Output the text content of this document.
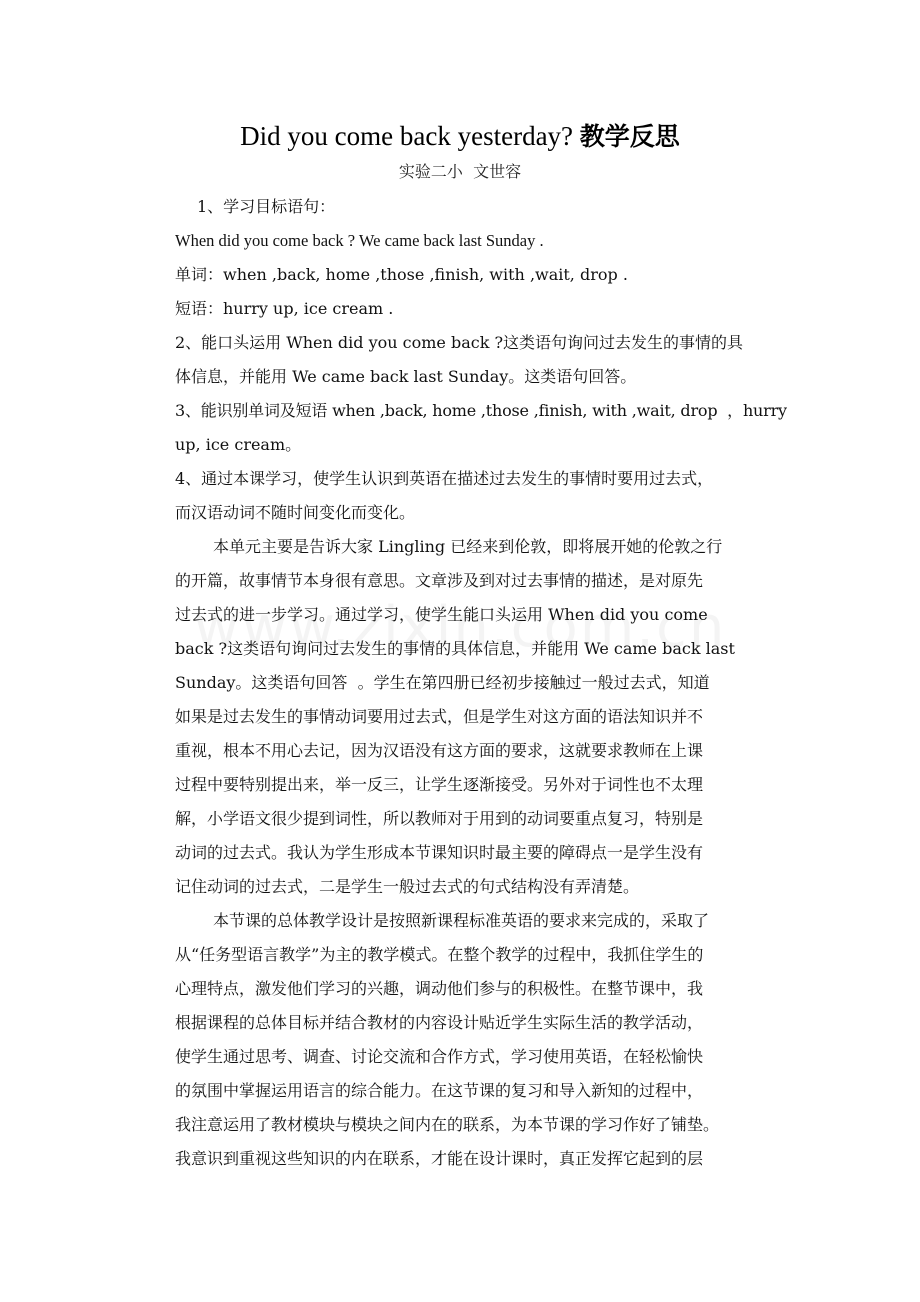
Did you come back yesterday? 教学反思
实验二小  文世容
1、学习目标语句：
When did you come back ? We came back last Sunday .
单词：when ,back, home ,those ,finish, with ,wait, drop .
短语：hurry up, ice cream .
2、能口头运用 When did you come back ?这类语句询问过去发生的事情的具
体信息，并能用 We came back last Sunday。这类语句回答。
3、能识别单词及短语 when ,back, home ,those ,finish, with ,wait, drop  ，hurry
up, ice cream。
4、通过本课学习，使学生认识到英语在描述过去发生的事情时要用过去式，
而汉语动词不随时间变化而变化。
本单元主要是告诉大家 Lingling 已经来到伦敦，即将展开她的伦敦之行
的开篇，故事情节本身很有意思。文章涉及到对过去事情的描述，是对原先
过去式的进一步学习。通过学习，使学生能口头运用 When did you come
back ?这类语句询问过去发生的事情的具体信息，并能用 We came back last
Sunday。这类语句回答  。学生在第四册已经初步接触过一般过去式，知道
如果是过去发生的事情动词要用过去式，但是学生对这方面的语法知识并不
重视，根本不用心去记，因为汉语没有这方面的要求，这就要求教师在上课
过程中要特别提出来，举一反三，让学生逐渐接受。另外对于词性也不太理
解，小学语文很少提到词性，所以教师对于用到的动词要重点复习，特别是
动词的过去式。我认为学生形成本节课知识时最主要的障碍点一是学生没有
记住动词的过去式，二是学生一般过去式的句式结构没有弄清楚。
本节课的总体教学设计是按照新课程标准英语的要求来完成的，采取了
从“任务型语言教学”为主的教学模式。在整个教学的过程中，我抓住学生的
心理特点，激发他们学习的兴趣，调动他们参与的积极性。在整节课中，我
根据课程的总体目标并结合教材的内容设计贴近学生实际生活的教学活动，
使学生通过思考、调查、讨论交流和合作方式，学习使用英语，在轻松愉快
的氛围中掌握运用语言的综合能力。在这节课的复习和导入新知的过程中，
我注意运用了教材模块与模块之间内在的联系，为本节课的学习作好了铺垫。
我意识到重视这些知识的内在联系，才能在设计课时，真正发挥它起到的层
